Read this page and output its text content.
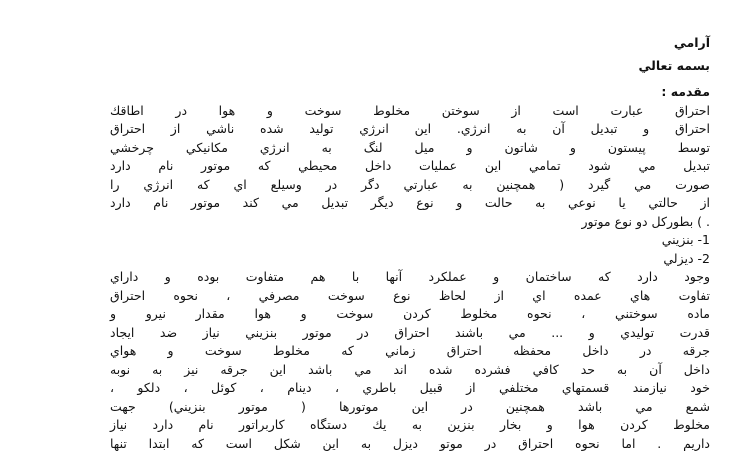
آرامي
بسمه تعالي
مقدمه :
احتراق عبارت است از سوختن مخلوط سوخت و هوا در اطاقك
احتراق و تبديل آن به انرژي. اين انرژي توليد شده ناشي از احتراق
توسط پيستون و شاتون و ميل لنگ به انرژي مكانيكي چرخشي
تبديل مي شود تمامي اين عمليات داخل محيطي كه موتور نام دارد
صورت مي گيرد ( همچنين به عبارتي دگر در وسيلع اي كه انرژي را
از حالتي يا نوعي به حالت و نوع ديگر تبديل مي كند موتور نام دارد
. ) بطوركل دو نوع موتور
1- بنزيني
2- ديزلي
وجود دارد كه ساختمان و عملكرد آنها با هم متفاوت بوده و داراي
تفاوت هاي عمده اي از لحاظ نوع سوخت مصرفي ، نحوه احتراق
ماده سوختني ، نحوه مخلوط كردن سوخت و هوا مقدار نيرو و
قدرت توليدي و ... مي باشند احتراق در موتور بنزيني نياز ضد ايجاد
جرقه در داخل محفظه احتراق زماني كه مخلوط سوخت و هواي
داخل آن به حد كافي فشرده شده اند مي باشد اين جرقه نيز به نوبه
خود نيازمند قسمتهاي مختلفي از قبيل باطري ، دينام ، كوئل ، دلكو ،
شمع مي باشد همچنين در اين موتورها ( موتور بنزيني) جهت
مخلوط كردن هوا و بخار بنزين به يك دستگاه كاربراتور نام دارد نياز
داريم . اما نحوه احتراق در موتو ديزل به اين شكل است كه ابتدا تنها
